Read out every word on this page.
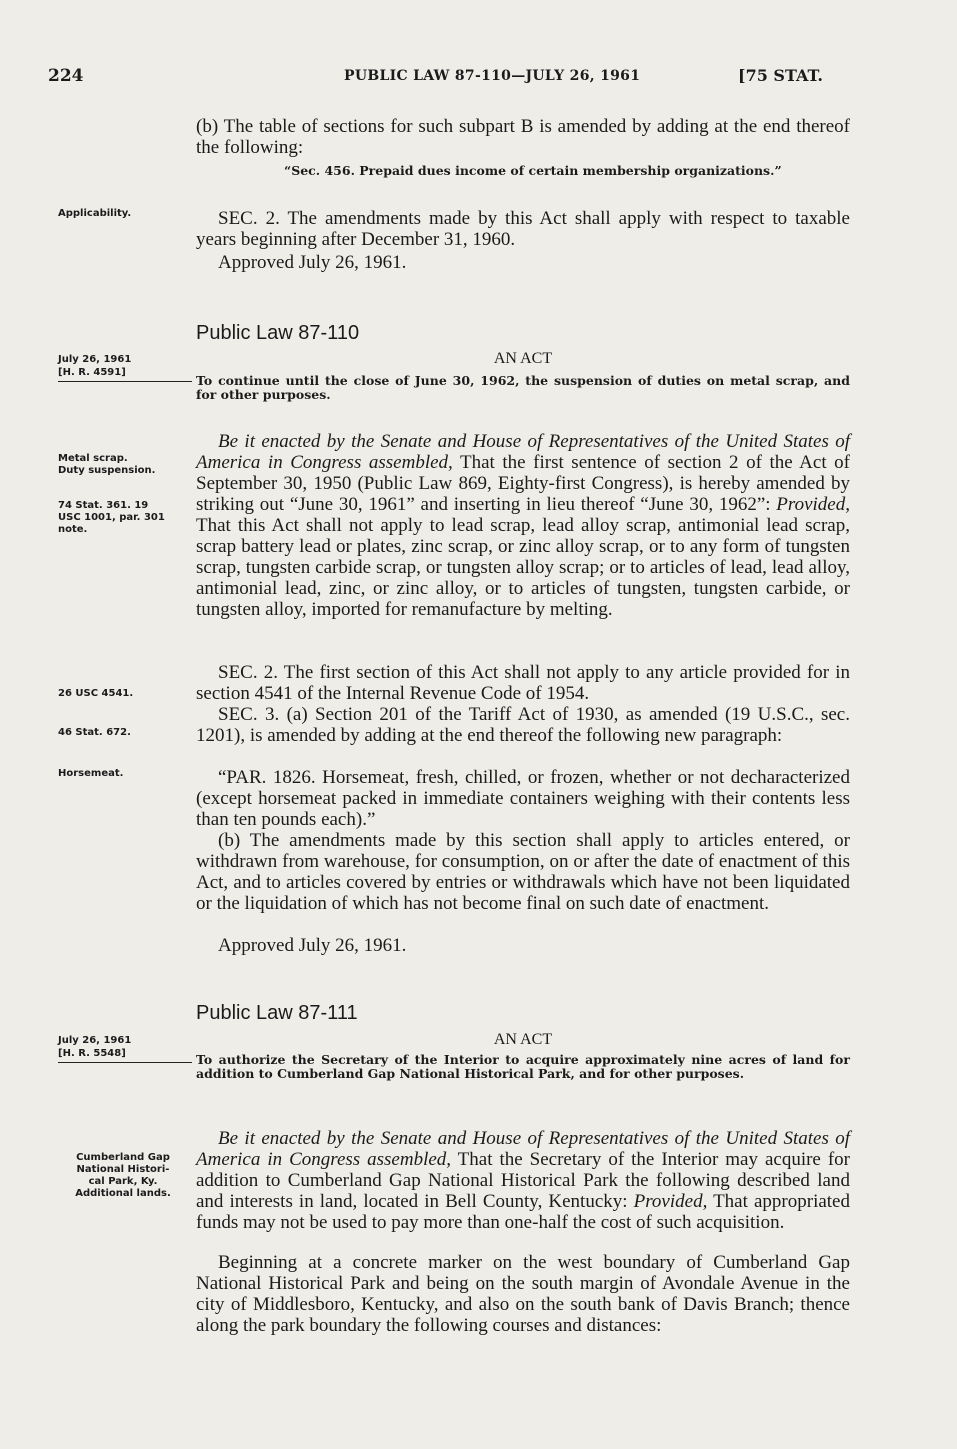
224	PUBLIC LAW 87-110—JULY 26, 1961	[75 STAT.
(b) The table of sections for such subpart B is amended by adding at the end thereof the following:
“Sec. 456. Prepaid dues income of certain membership organizations.”
SEC. 2. The amendments made by this Act shall apply with respect to taxable years beginning after December 31, 1960.
Approved July 26, 1961.
Applicability.
Public Law 87-110
July 26, 1961
[H. R. 4591]
AN ACT
To continue until the close of June 30, 1962, the suspension of duties on metal scrap, and for other purposes.
Be it enacted by the Senate and House of Representatives of the United States of America in Congress assembled, That the first sentence of section 2 of the Act of September 30, 1950 (Public Law 869, Eighty-first Congress), is hereby amended by striking out “June 30, 1961” and inserting in lieu thereof “June 30, 1962”: Provided, That this Act shall not apply to lead scrap, lead alloy scrap, antimonial lead scrap, scrap battery lead or plates, zinc scrap, or zinc alloy scrap, or to any form of tungsten scrap, tungsten carbide scrap, or tungsten alloy scrap; or to articles of lead, lead alloy, antimonial lead, zinc, or zinc alloy, or to articles of tungsten, tungsten carbide, or tungsten alloy, imported for remanufacture by melting.
SEC. 2. The first section of this Act shall not apply to any article provided for in section 4541 of the Internal Revenue Code of 1954.
SEC. 3. (a) Section 201 of the Tariff Act of 1930, as amended (19 U.S.C., sec. 1201), is amended by adding at the end thereof the following new paragraph:
“PAR. 1826. Horsemeat, fresh, chilled, or frozen, whether or not decharacterized (except horsemeat packed in immediate containers weighing with their contents less than ten pounds each).”
(b) The amendments made by this section shall apply to articles entered, or withdrawn from warehouse, for consumption, on or after the date of enactment of this Act, and to articles covered by entries or withdrawals which have not been liquidated or the liquidation of which has not become final on such date of enactment.
Approved July 26, 1961.
Metal scrap.
Duty suspension.
74 Stat. 361. 19
USC 1001, par. 301
note.
26 USC 4541.
46 Stat. 672.
Horsemeat.
Public Law 87-111
July 26, 1961
[H. R. 5548]
AN ACT
To authorize the Secretary of the Interior to acquire approximately nine acres of land for addition to Cumberland Gap National Historical Park, and for other purposes.
Be it enacted by the Senate and House of Representatives of the United States of America in Congress assembled, That the Secretary of the Interior may acquire for addition to Cumberland Gap National Historical Park the following described land and interests in land, located in Bell County, Kentucky: Provided, That appropriated funds may not be used to pay more than one-half the cost of such acquisition.
Beginning at a concrete marker on the west boundary of Cumberland Gap National Historical Park and being on the south margin of Avondale Avenue in the city of Middlesboro, Kentucky, and also on the south bank of Davis Branch; thence along the park boundary the following courses and distances:
Cumberland Gap
National Histori-
cal Park, Ky.
Additional lands.
